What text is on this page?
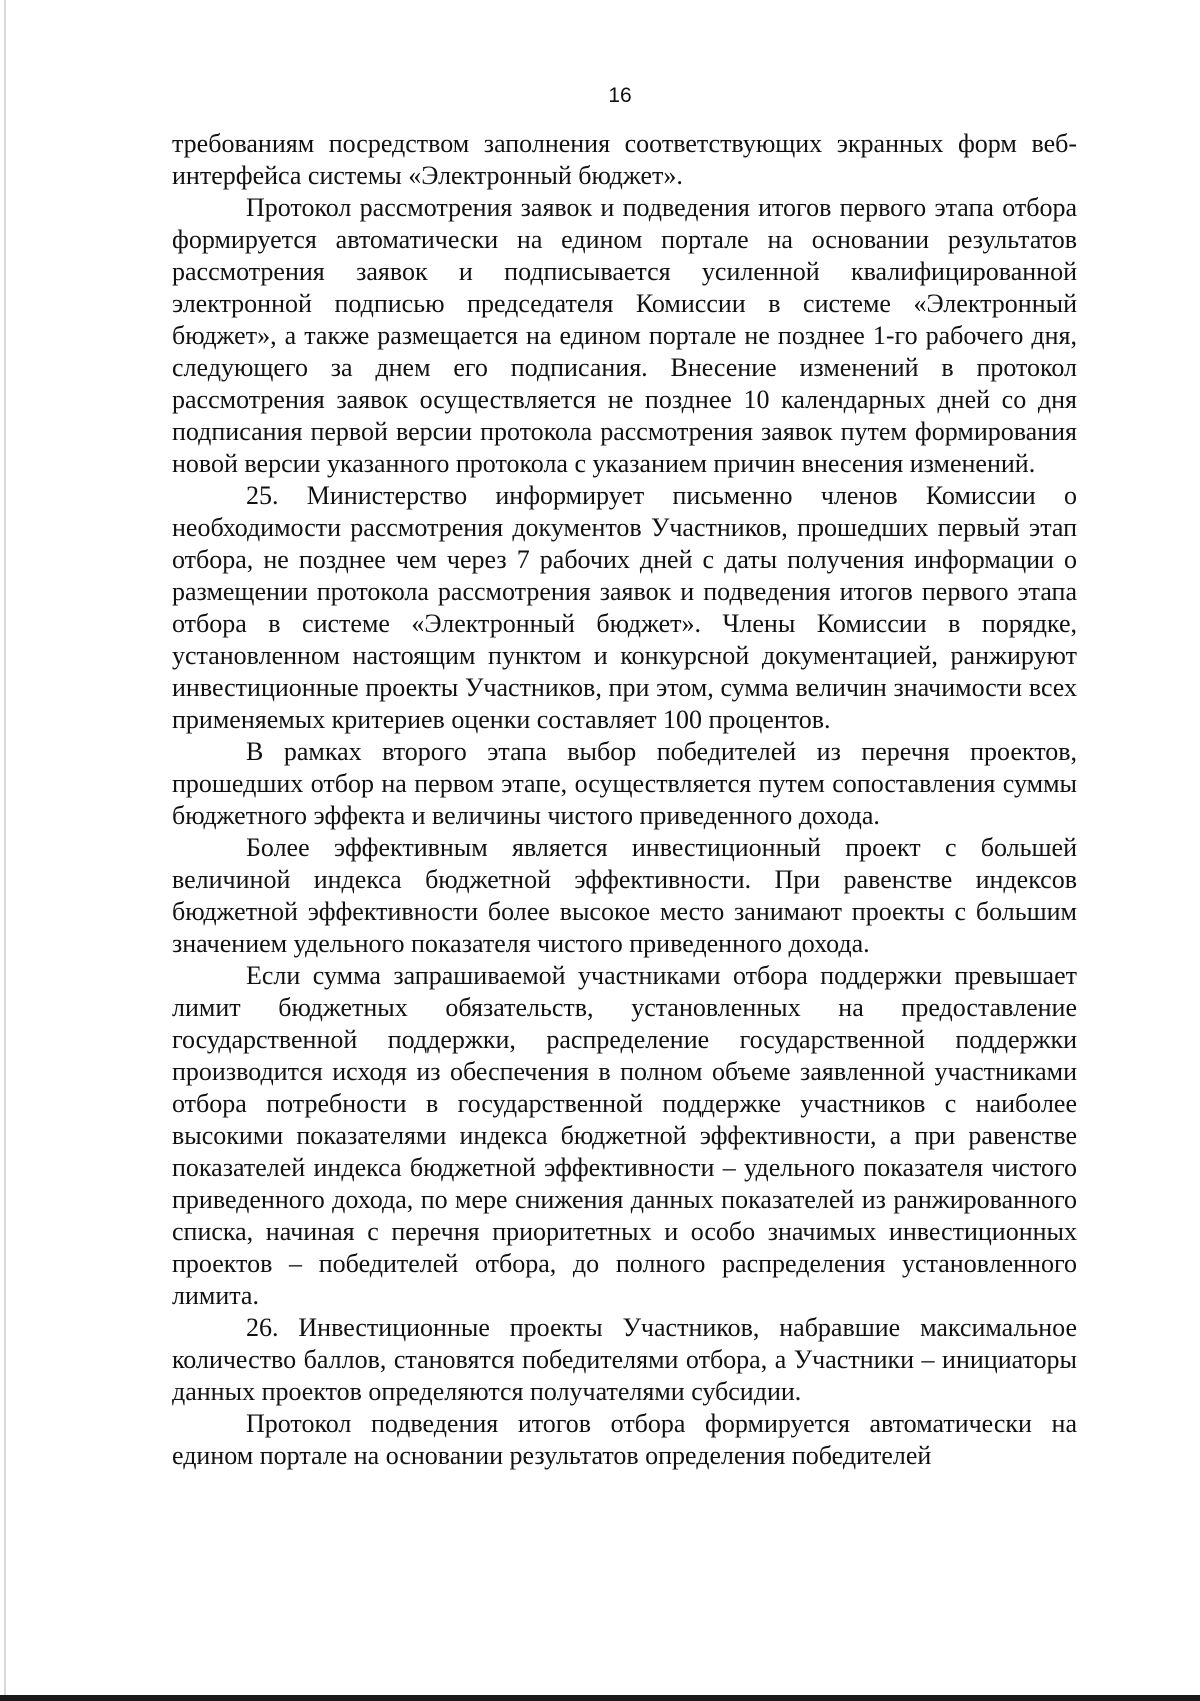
16

требованиям посредством заполнения соответствующих экранных форм веб-интерфейса системы «Электронный бюджет».

Протокол рассмотрения заявок и подведения итогов первого этапа отбора формируется автоматически на едином портале на основании результатов рассмотрения заявок и подписывается усиленной квалифицированной электронной подписью председателя Комиссии в системе «Электронный бюджет», а также размещается на едином портале не позднее 1-го рабочего дня, следующего за днем его подписания. Внесение изменений в протокол рассмотрения заявок осуществляется не позднее 10 календарных дней со дня подписания первой версии протокола рассмотрения заявок путем формирования новой версии указанного протокола с указанием причин внесения изменений.

25. Министерство информирует письменно членов Комиссии о необходимости рассмотрения документов Участников, прошедших первый этап отбора, не позднее чем через 7 рабочих дней с даты получения информации о размещении протокола рассмотрения заявок и подведения итогов первого этапа отбора в системе «Электронный бюджет». Члены Комиссии в порядке, установленном настоящим пунктом и конкурсной документацией, ранжируют инвестиционные проекты Участников, при этом, сумма величин значимости всех применяемых критериев оценки составляет 100 процентов.

В рамках второго этапа выбор победителей из перечня проектов, прошедших отбор на первом этапе, осуществляется путем сопоставления суммы бюджетного эффекта и величины чистого приведенного дохода.

Более эффективным является инвестиционный проект с большей величиной индекса бюджетной эффективности. При равенстве индексов бюджетной эффективности более высокое место занимают проекты с большим значением удельного показателя чистого приведенного дохода.

Если сумма запрашиваемой участниками отбора поддержки превышает лимит бюджетных обязательств, установленных на предоставление государственной поддержки, распределение государственной поддержки производится исходя из обеспечения в полном объеме заявленной участниками отбора потребности в государственной поддержке участников с наиболее высокими показателями индекса бюджетной эффективности, а при равенстве показателей индекса бюджетной эффективности – удельного показателя чистого приведенного дохода, по мере снижения данных показателей из ранжированного списка, начиная с перечня приоритетных и особо значимых инвестиционных проектов – победителей отбора, до полного распределения установленного лимита.

26. Инвестиционные проекты Участников, набравшие максимальное количество баллов, становятся победителями отбора, а Участники – инициаторы данных проектов определяются получателями субсидии.

Протокол подведения итогов отбора формируется автоматически на едином портале на основании результатов определения победителей
